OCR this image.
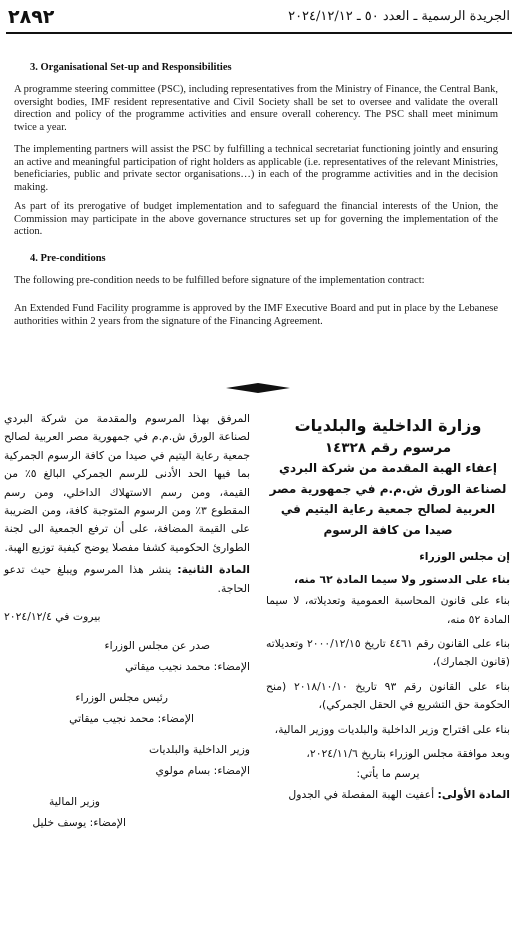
٢٨٩٢	الجريدة الرسمية ـ العدد ٥٠ ـ ٢٠٢٤/١٢/١٢
3. Organisational Set-up and Responsibilities
A programme steering committee (PSC), including representatives from the Ministry of Finance, the Central Bank, oversight bodies, IMF resident representative and Civil Society shall be set to oversee and validate the overall direction and policy of the programme activities and ensure overall coherency. The PSC shall meet minimum twice a year.
The implementing partners will assist the PSC by fulfilling a technical secretariat functioning jointly and ensuring an active and meaningful participation of right holders as applicable (i.e. representatives of the relevant Ministries, beneficiaries, public and private sector organisations…) in each of the programme activities and in the decision making.
As part of its prerogative of budget implementation and to safeguard the financial interests of the Union, the Commission may participate in the above governance structures set up for governing the implementation of the action.
4. Pre-conditions
The following pre-condition needs to be fulfilled before signature of the implementation contract:
An Extended Fund Facility programme is approved by the IMF Executive Board and put in place by the Lebanese authorities within 2 years from the signature of the Financing Agreement.
وزارة الداخلية والبلديات
مرسوم رقم ١٤٣٢٨
إعفاء الهبة المقدمة من شركة البردي لصناعة الورق ش.م.م في جمهورية مصر العربية لصالح جمعية رعاية اليتيم في صيدا من كافة الرسوم

إن مجلس الوزراء

بناء على الدستور ولا سيما المادة ٦٢ منه،

بناء على قانون المحاسبة العمومية وتعديلاته، لا سيما المادة ٥٢ منه،

بناء على القانون رقم ٤٤٦١ تاريخ ٢٠٠٠/١٢/١٥ وتعديلاته (قانون الجمارك)،

بناء على القانون رقم ٩٣ تاريخ ٢٠١٨/١٠/١٠ (منح الحكومة حق التشريع في الحقل الجمركي)،

بناء على اقتراح وزير الداخلية والبلديات ووزير المالية،

وبعد موافقة مجلس الوزراء بتاريخ ٢٠٢٤/١١/٦،

يرسم ما يأتي:

المادة الأولى: أعفيت الهبة المفصلة في الجدول

المرفق بهذا المرسوم والمقدمة من شركة البردي لصناعة الورق ش.م.م في جمهورية مصر العربية لصالح جمعية رعاية اليتيم في صيدا من كافة الرسوم الجمركية بما فيها الحد الأدنى للرسم الجمركي البالغ ٥٪ من القيمة، ومن رسم الاستهلاك الداخلي، ومن رسم المقطوع ٣٪ ومن الرسوم المتوجبة كافة، ومن الضريبة على القيمة المضافة، على أن ترفع الجمعية الى لجنة الطوارئ الحكومية كشفا مفصلا يوضح كيفية توزيع الهبة.

المادة الثانية: ينشر هذا المرسوم ويبلغ حيث تدعو الحاجة.

بيروت في ٢٠٢٤/١٢/٤
صدر عن مجلس الوزراء
الإمضاء: محمد نجيب ميقاتي
رئيس مجلس الوزراء
الإمضاء: محمد نجيب ميقاتي
وزير الداخلية والبلديات
الإمضاء: بسام مولوي
وزير المالية
الإمضاء: يوسف خليل
